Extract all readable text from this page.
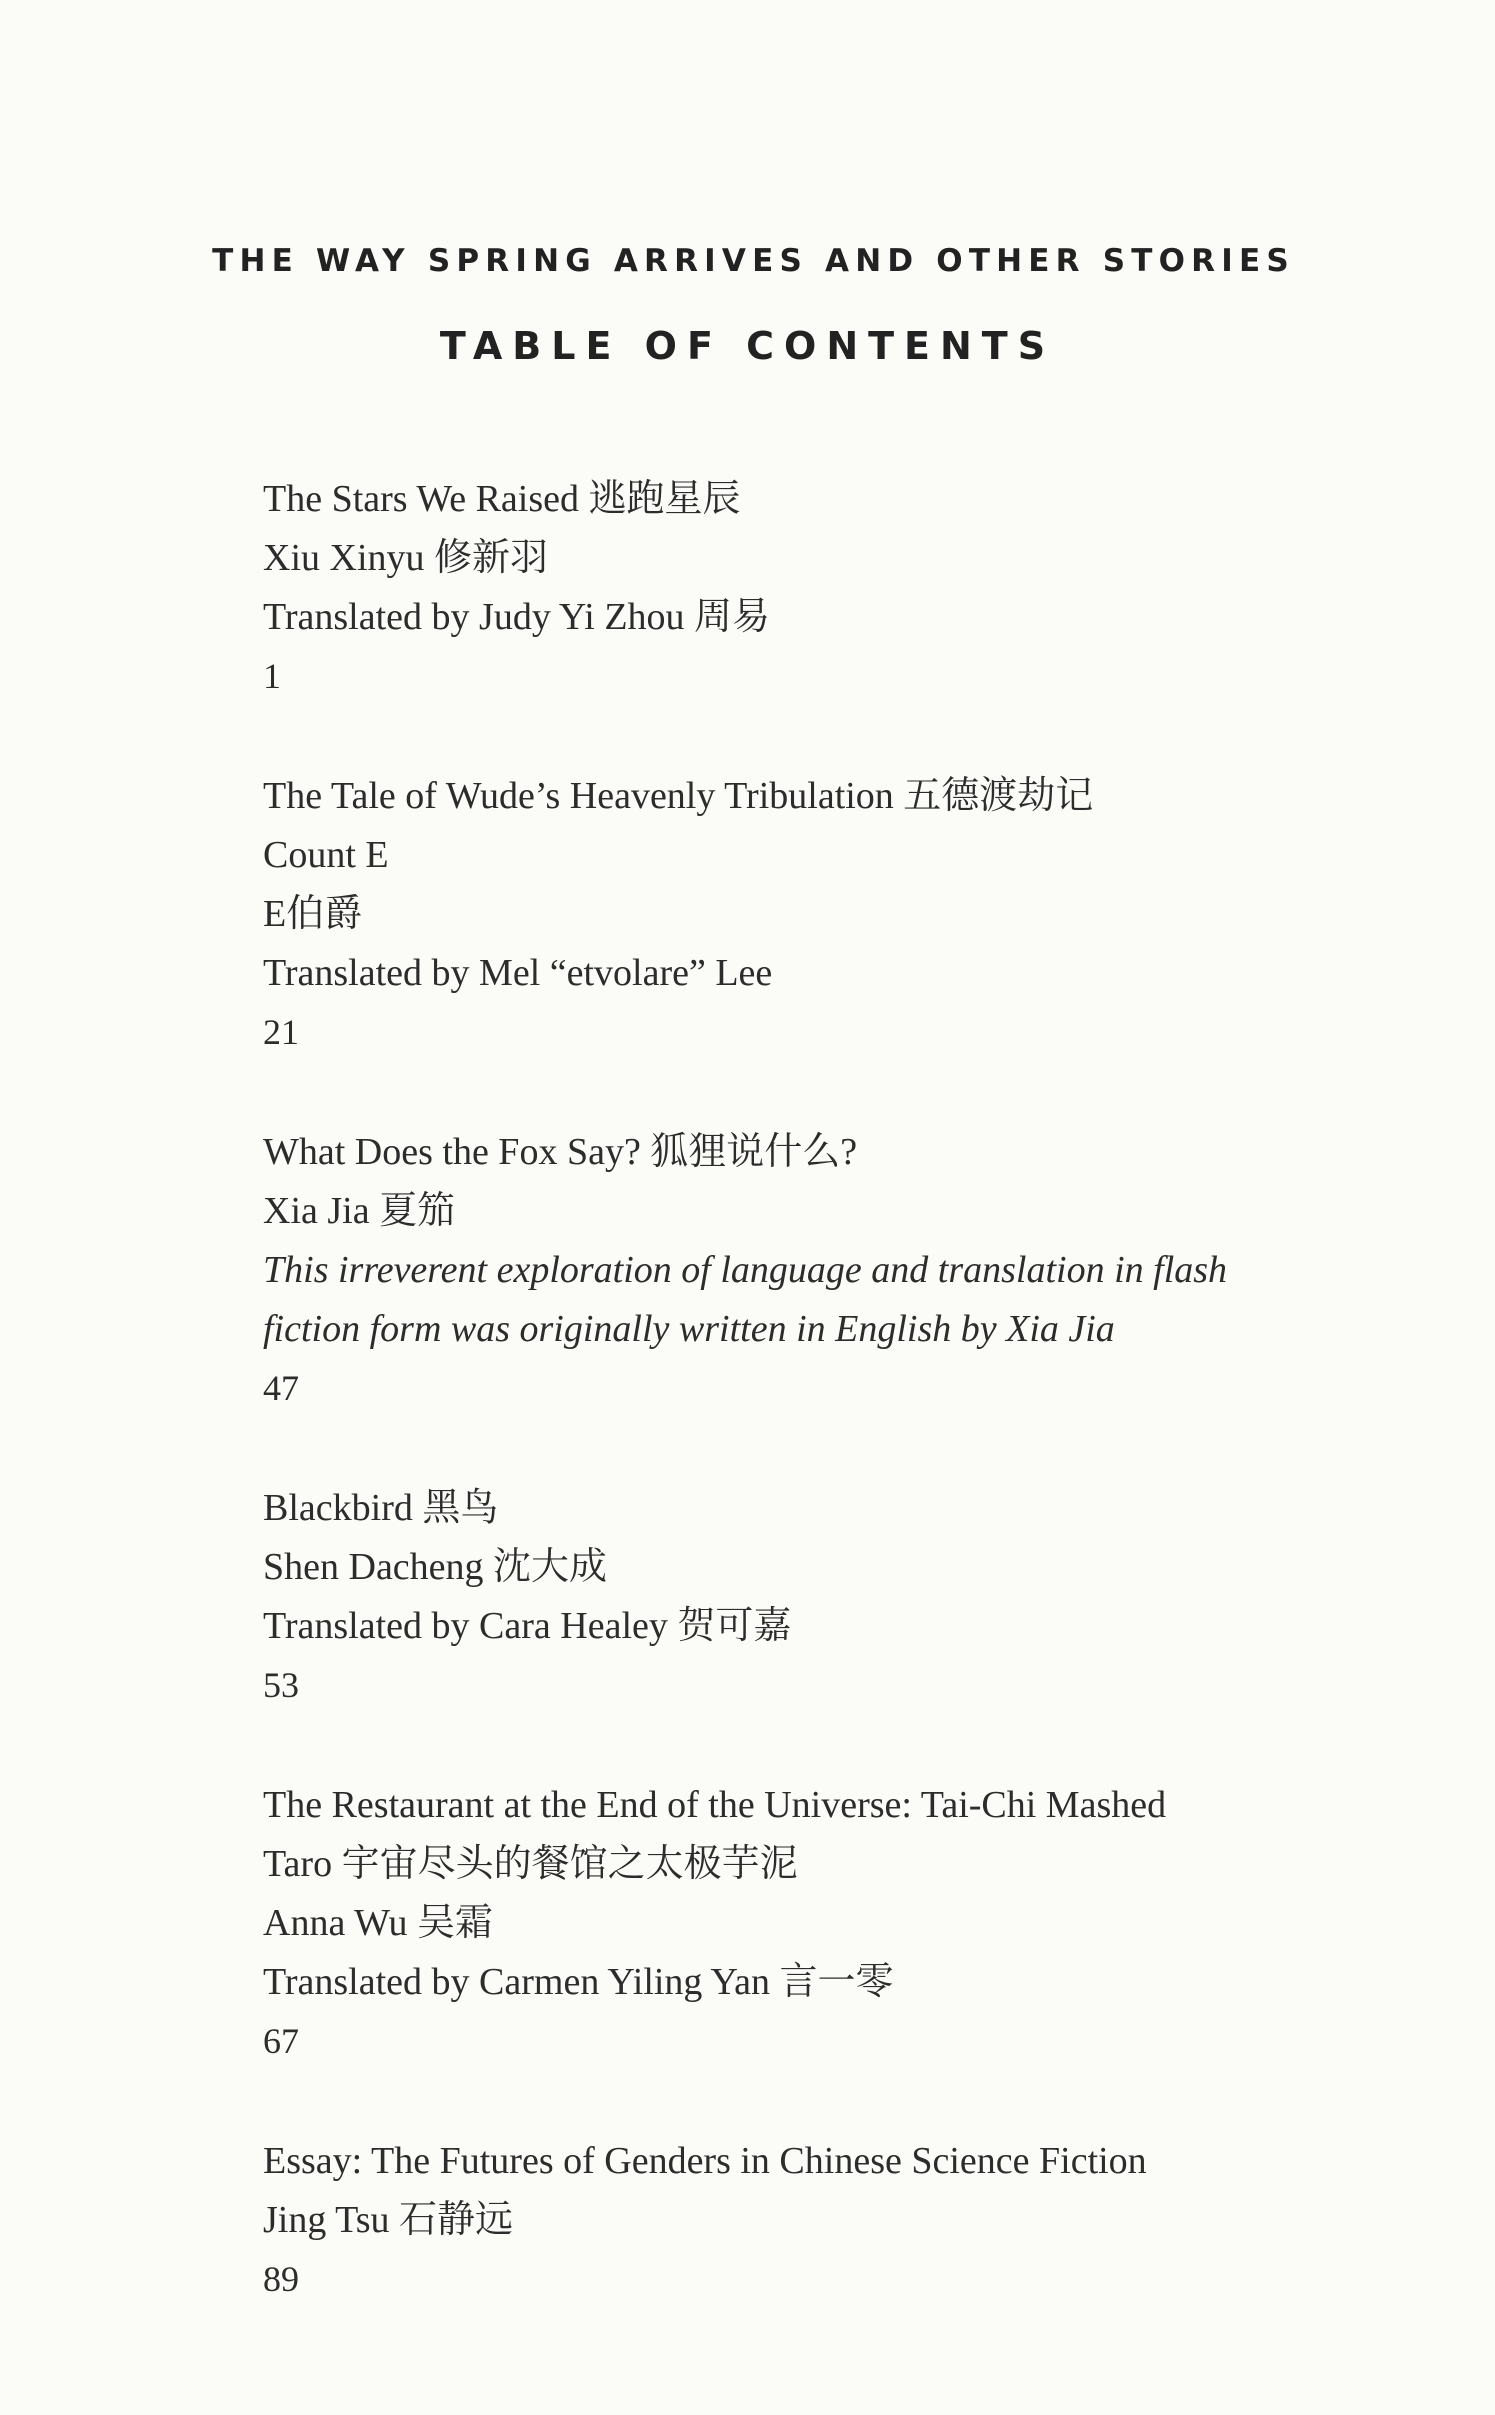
THE WAY SPRING ARRIVES AND OTHER STORIES
TABLE OF CONTENTS
The Stars We Raised 逃跑星辰
Xiu Xinyu 修新羽
Translated by Judy Yi Zhou 周易
1
The Tale of Wude’s Heavenly Tribulation 五德渡劫记
Count E
E伯爵
Translated by Mel “etvolare” Lee
21
What Does the Fox Say? 狐狸说什么?
Xia Jia 夏笳
This irreverent exploration of language and translation in flash
fiction form was originally written in English by Xia Jia
47
Blackbird 黑鸟
Shen Dacheng 沈大成
Translated by Cara Healey 贺可嘉
53
The Restaurant at the End of the Universe: Tai-Chi Mashed
Taro 宇宙尽头的餐馆之太极芋泥
Anna Wu 吴霜
Translated by Carmen Yiling Yan 言一零
67
Essay: The Futures of Genders in Chinese Science Fiction
Jing Tsu 石静远
89
